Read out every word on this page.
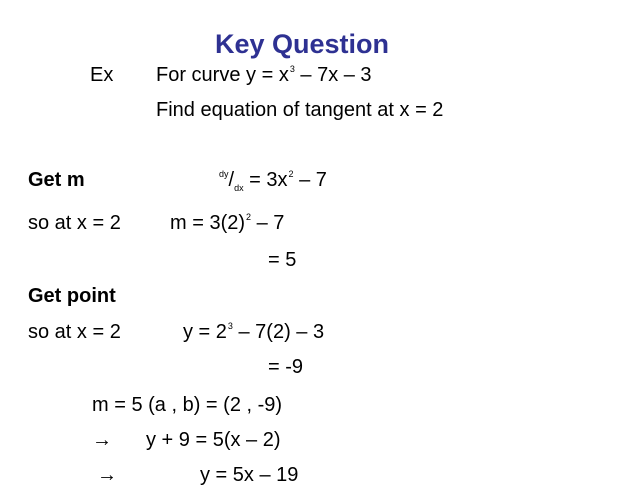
Key Question
Ex For curve $y = x^3 - 7x - 3$
Find equation of tangent at x = 2
Get m	$^{dy}/_{dx} = 3x^2 - 7$
so at x = 2 $m = 3(2)^2 - 7$
= 5
Get point
so at x = 2	$y = 2^3 - 7(2) - 3$
= -9
m = 5 (a , b) = (2 , -9)
→ y + 9 = 5(x – 2)
→	y = 5x – 19
